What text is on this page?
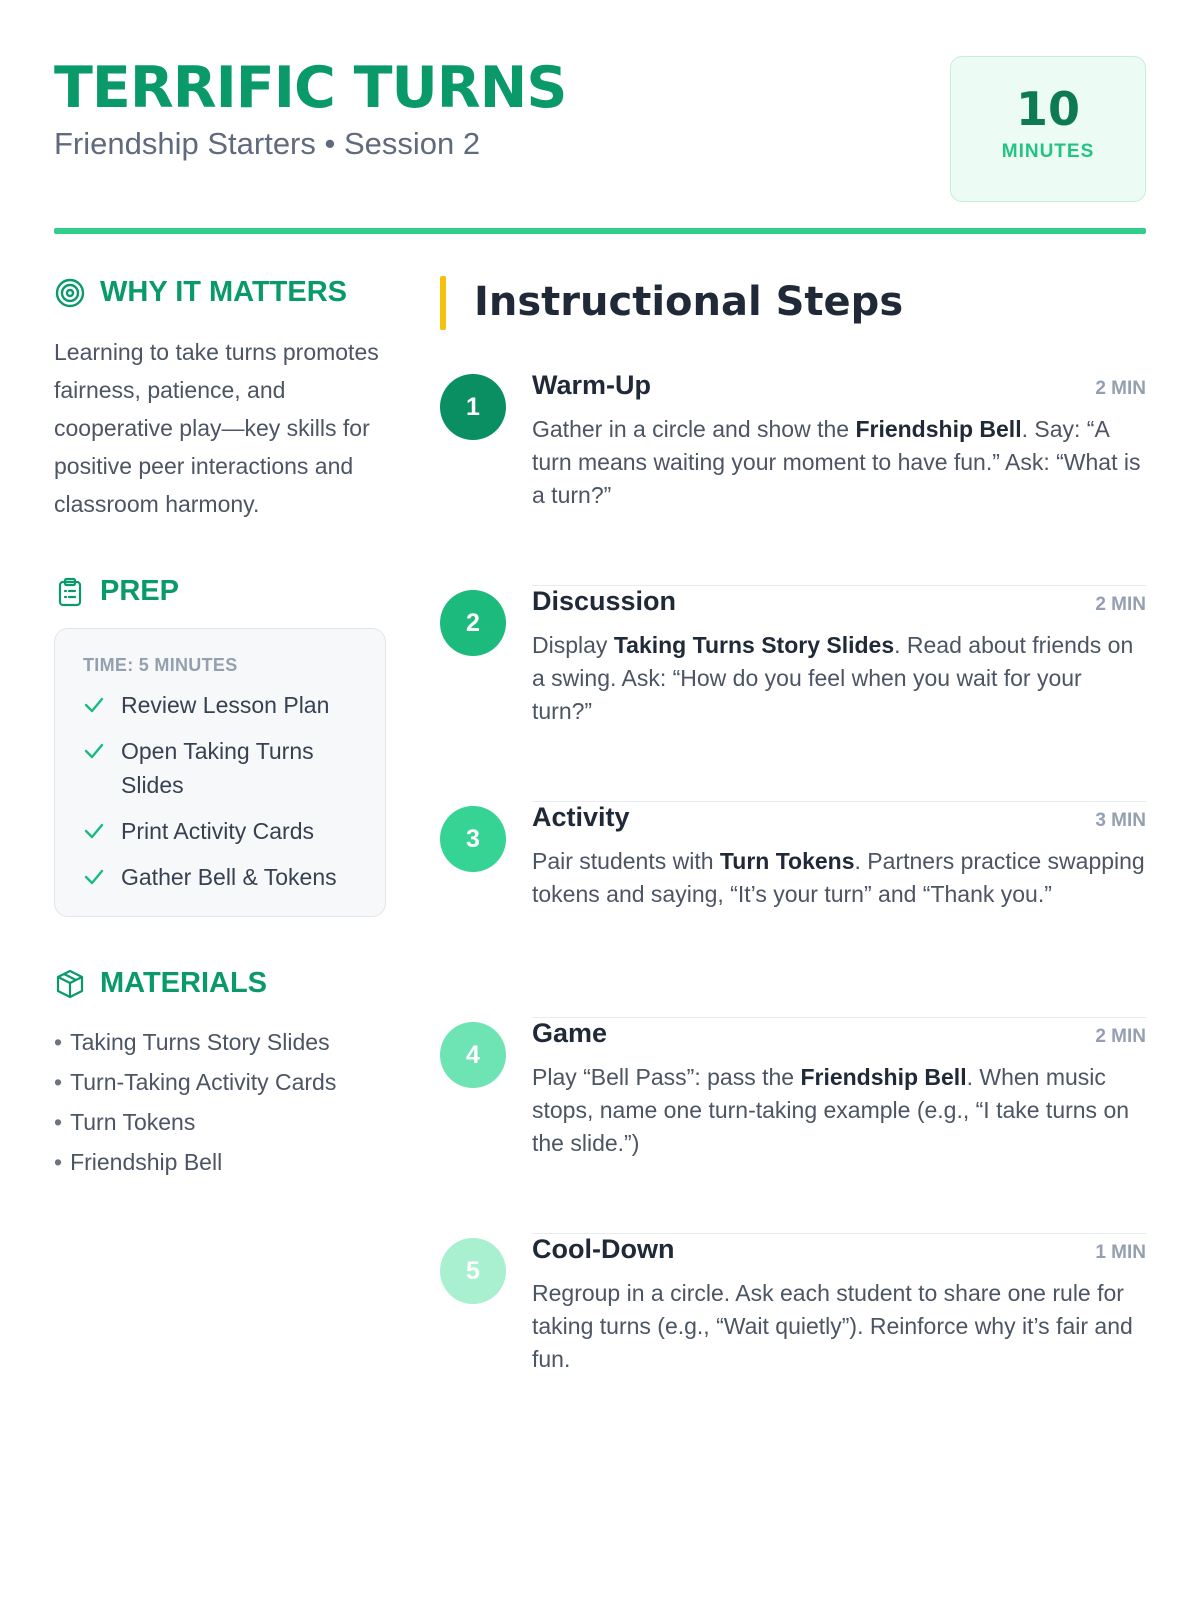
TERRIFIC TURNS
Friendship Starters • Session 2
10
MINUTES
WHY IT MATTERS

Learning to take turns promotes fairness, patience, and cooperative play—key skills for positive peer interactions and classroom harmony.

PREP
TIME: 5 MINUTES
Review Lesson Plan
Open Taking Turns Slides
Print Activity Cards
Gather Bell & Tokens
MATERIALS
• Taking Turns Story Slides
• Turn-Taking Activity Cards
• Turn Tokens
• Friendship Bell
Instructional Steps
1
Warm-Up	2 MIN

Gather in a circle and show the Friendship Bell. Say: “A turn means waiting your moment to have fun.” Ask: “What is a turn?”

2
Discussion	2 MIN

Display Taking Turns Story Slides. Read about friends on a swing. Ask: “How do you feel when you wait for your turn?”

3
Activity	3 MIN

Pair students with Turn Tokens. Partners practice swapping tokens and saying, “It’s your turn” and “Thank you.”

4
Game	2 MIN

Play “Bell Pass”: pass the Friendship Bell. When music stops, name one turn-taking example (e.g., “I take turns on the slide.”)

5
Cool-Down	1 MIN

Regroup in a circle. Ask each student to share one rule for taking turns (e.g., “Wait quietly”). Reinforce why it’s fair and fun.
